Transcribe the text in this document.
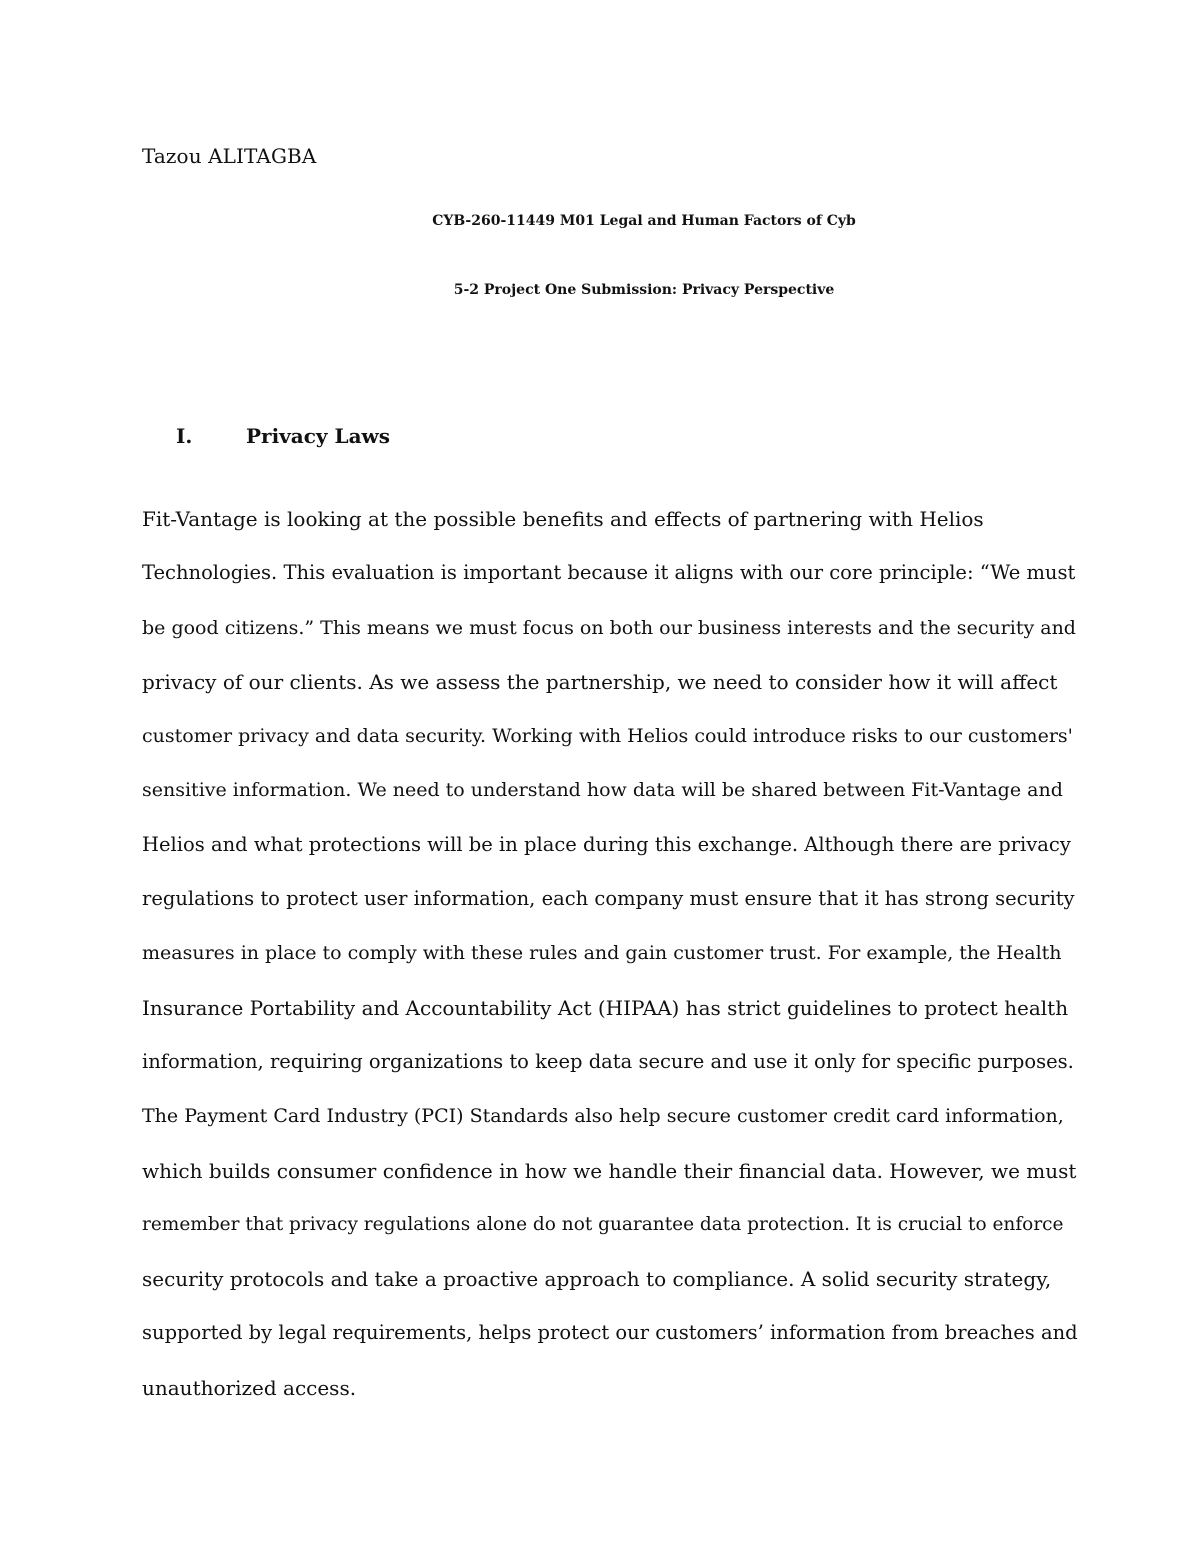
Tazou ALITAGBA
CYB-260-11449 M01 Legal and Human Factors of Cyb
5-2 Project One Submission: Privacy Perspective
I.	Privacy Laws
Fit-Vantage is looking at the possible benefits and effects of partnering with Helios
Technologies. This evaluation is important because it aligns with our core principle: “We must
be good citizens.” This means we must focus on both our business interests and the security and
privacy of our clients. As we assess the partnership, we need to consider how it will affect
customer privacy and data security. Working with Helios could introduce risks to our customers'
sensitive information. We need to understand how data will be shared between Fit-Vantage and
Helios and what protections will be in place during this exchange. Although there are privacy
regulations to protect user information, each company must ensure that it has strong security
measures in place to comply with these rules and gain customer trust. For example, the Health
Insurance Portability and Accountability Act (HIPAA) has strict guidelines to protect health
information, requiring organizations to keep data secure and use it only for specific purposes.
The Payment Card Industry (PCI) Standards also help secure customer credit card information,
which builds consumer confidence in how we handle their financial data. However, we must
remember that privacy regulations alone do not guarantee data protection. It is crucial to enforce
security protocols and take a proactive approach to compliance. A solid security strategy,
supported by legal requirements, helps protect our customers’ information from breaches and
unauthorized access.
